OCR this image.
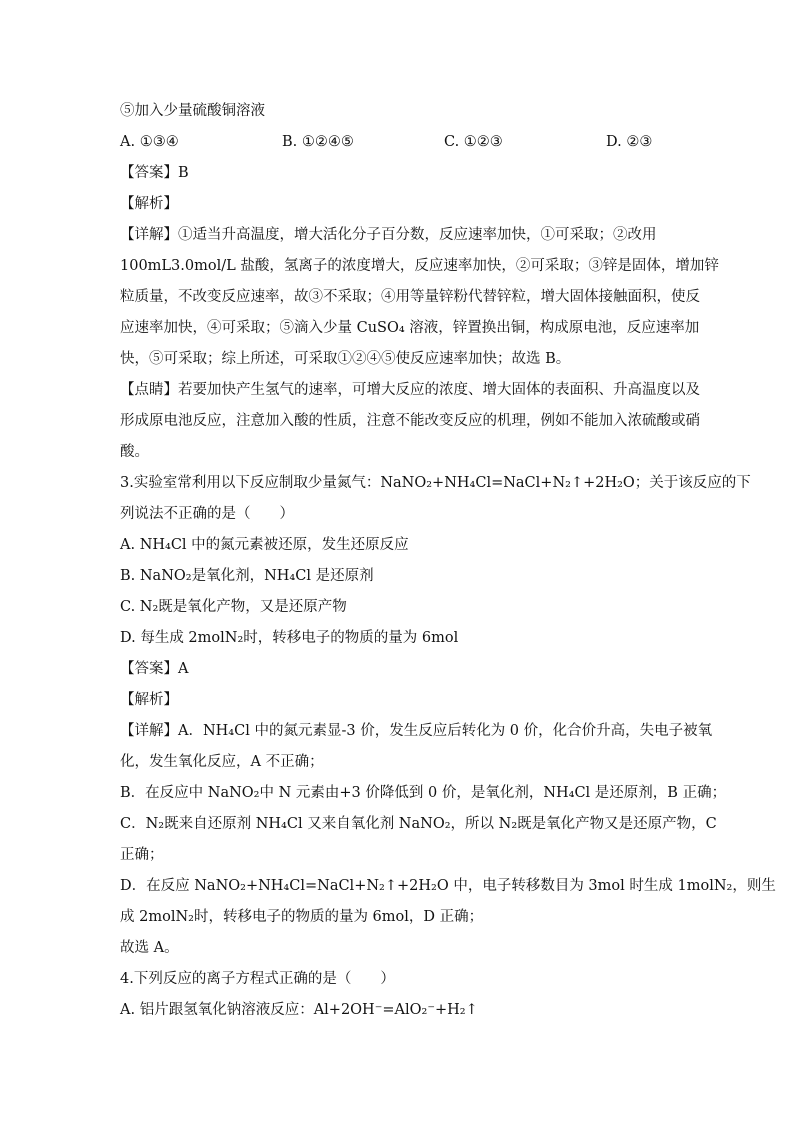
⑤加入少量硫酸铜溶液

A. ①③④	B. ①②④⑤	C. ①②③	D. ②③

【答案】B

【解析】

【详解】①适当升高温度，增大活化分子百分数，反应速率加快，①可采取；②改用

100mL3.0mol/L 盐酸，氢离子的浓度增大，反应速率加快，②可采取；③锌是固体，增加锌

粒质量，不改变反应速率，故③不采取；④用等量锌粉代替锌粒，增大固体接触面积，使反

应速率加快，④可采取；⑤滴入少量 CuSO₄ 溶液，锌置换出铜，构成原电池，反应速率加

快，⑤可采取；综上所述，可采取①②④⑤使反应速率加快；故选 B。

【点睛】若要加快产生氢气的速率，可增大反应的浓度、增大固体的表面积、升高温度以及

形成原电池反应，注意加入酸的性质，注意不能改变反应的机理，例如不能加入浓硫酸或硝

酸。

3.实验室常利用以下反应制取少量氮气：NaNO₂+NH₄Cl=NaCl+N₂↑+2H₂O；关于该反应的下

列说法不正确的是（　　）

A. NH₄Cl 中的氮元素被还原，发生还原反应

B. NaNO₂是氧化剂，NH₄Cl 是还原剂

C. N₂既是氧化产物，又是还原产物

D. 每生成 2molN₂时，转移电子的物质的量为 6mol

【答案】A

【解析】

【详解】A．NH₄Cl 中的氮元素显-3 价，发生反应后转化为 0 价，化合价升高，失电子被氧

化，发生氧化反应，A 不正确；

B．在反应中 NaNO₂中 N 元素由+3 价降低到 0 价，是氧化剂，NH₄Cl 是还原剂，B 正确；

C．N₂既来自还原剂 NH₄Cl 又来自氧化剂 NaNO₂，所以 N₂既是氧化产物又是还原产物，C

正确；

D．在反应 NaNO₂+NH₄Cl=NaCl+N₂↑+2H₂O 中，电子转移数目为 3mol 时生成 1molN₂，则生

成 2molN₂时，转移电子的物质的量为 6mol，D 正确；

故选 A。

4.下列反应的离子方程式正确的是（　　）

A. 铝片跟氢氧化钠溶液反应：Al+2OH⁻=AlO₂⁻+H₂↑
